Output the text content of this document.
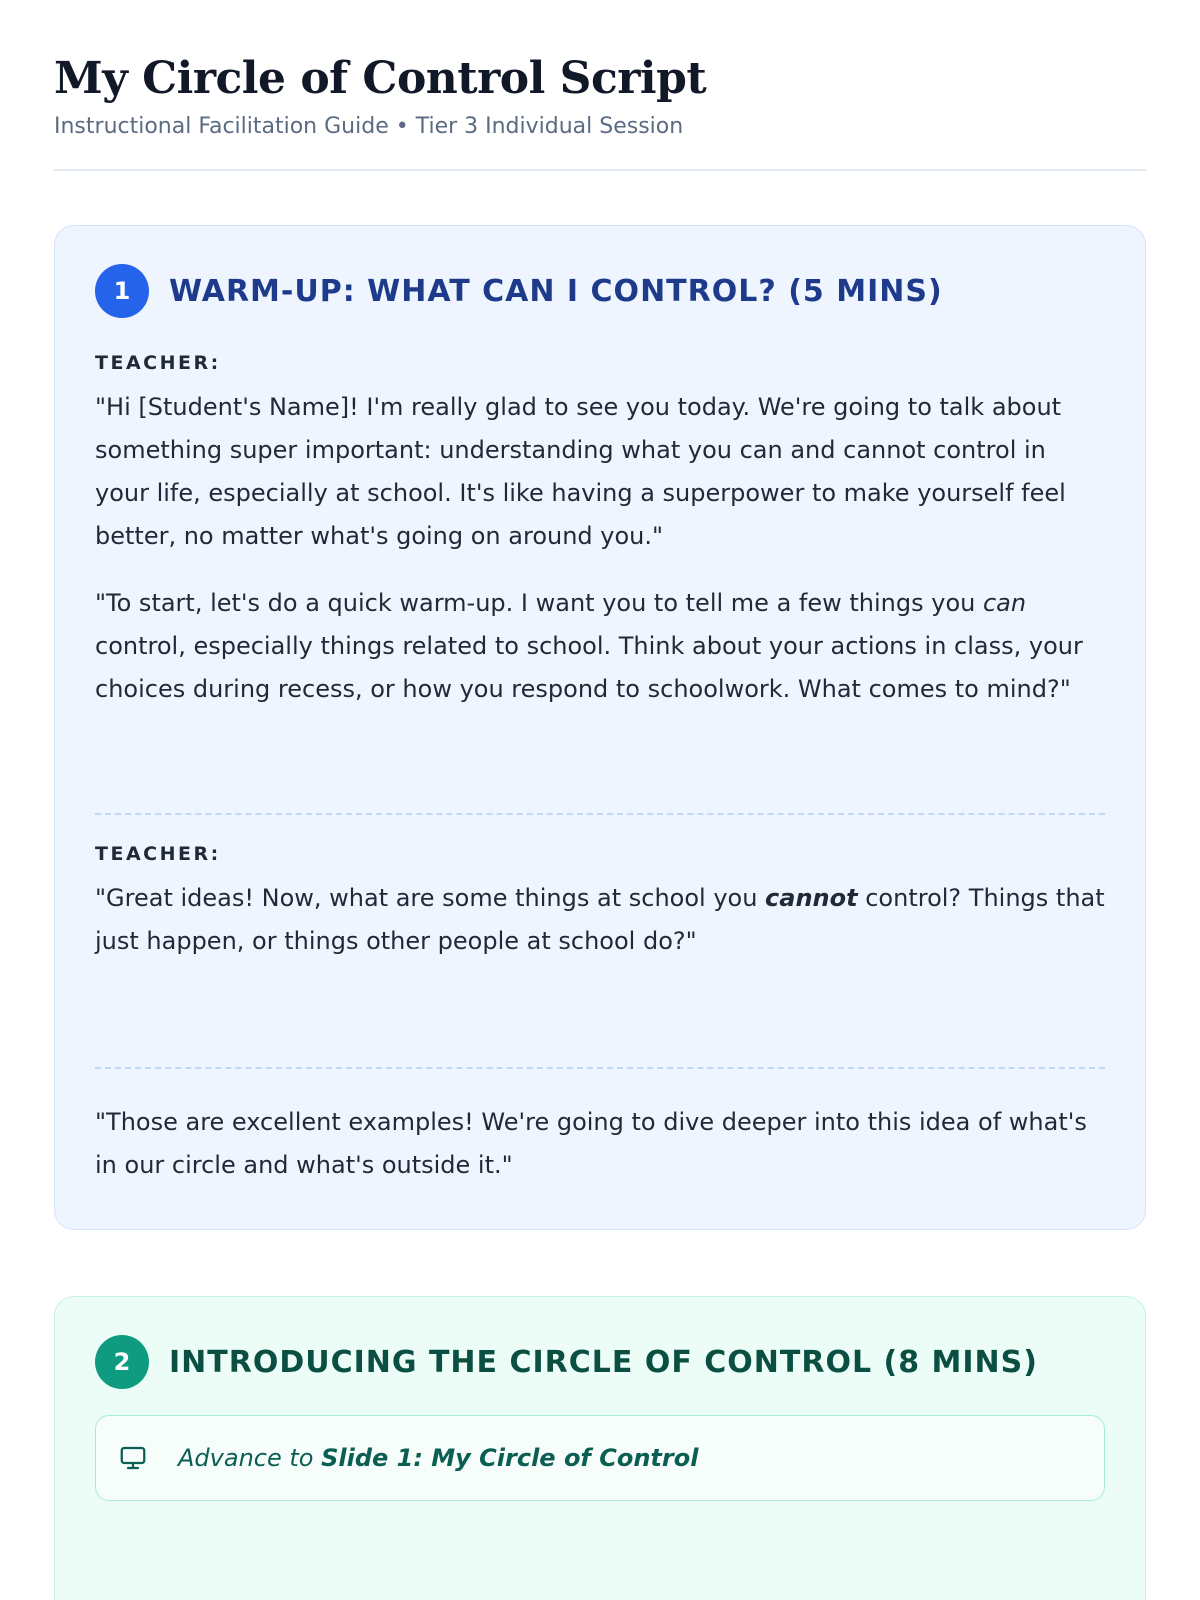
My Circle of Control Script
Instructional Facilitation Guide • Tier 3 Individual Session
1	WARM-UP: WHAT CAN I CONTROL? (5 MINS)
TEACHER:

"Hi [Student's Name]! I'm really glad to see you today. We're going to talk about something super important: understanding what you can and cannot control in your life, especially at school. It's like having a superpower to make yourself feel better, no matter what's going on around you."

"To start, let's do a quick warm-up. I want you to tell me a few things you can control, especially things related to school. Think about your actions in class, your choices during recess, or how you respond to schoolwork. What comes to mind?"

TEACHER:

"Great ideas! Now, what are some things at school you cannot control? Things that just happen, or things other people at school do?"

"Those are excellent examples! We're going to dive deeper into this idea of what's in our circle and what's outside it."

2	INTRODUCING THE CIRCLE OF CONTROL (8 MINS)
Advance to Slide 1: My Circle of Control
